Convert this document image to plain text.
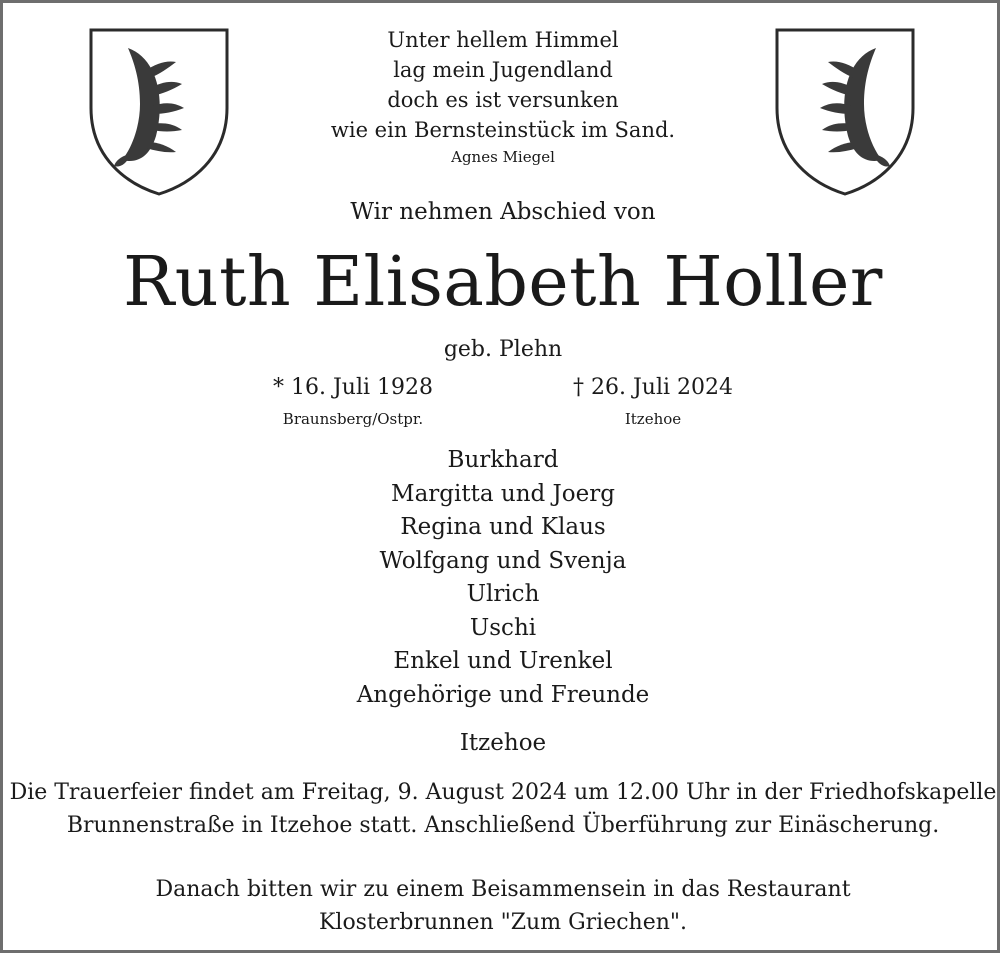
Unter hellem Himmel
lag mein Jugendland
doch es ist versunken
wie ein Bernsteinstück im Sand.
Agnes Miegel
Wir nehmen Abschied von
Ruth Elisabeth Holler
geb. Plehn
* 16. Juli 1928
Braunsberg/Ostpr.
† 26. Juli 2024
Itzehoe
Burkhard
Margitta und Joerg
Regina und Klaus
Wolfgang und Svenja
Ulrich
Uschi
Enkel und Urenkel
Angehörige und Freunde
Itzehoe
Die Trauerfeier findet am Freitag, 9. August 2024 um 12.00 Uhr in der Friedhofskapelle
Brunnenstraße in Itzehoe statt. Anschließend Überführung zur Einäscherung.
Danach bitten wir zu einem Beisammensein in das Restaurant
Klosterbrunnen "Zum Griechen".
